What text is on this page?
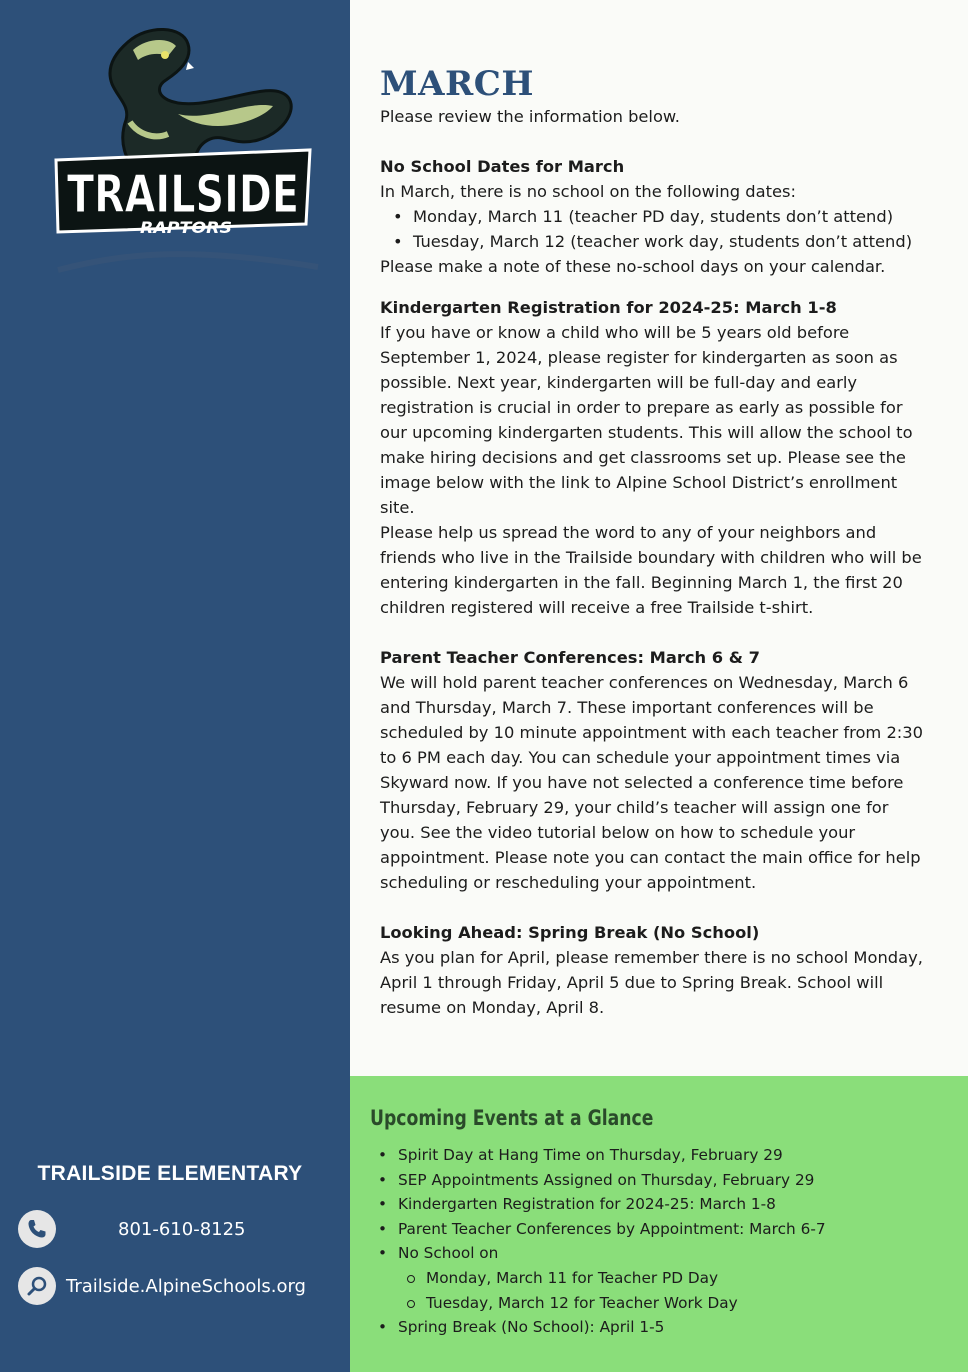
TRAILSIDE
RAPTORS
TRAILSIDE ELEMENTARY
801-610-8125
Trailside.AlpineSchools.org
MARCH

Please review the information below.

No School Dates for March

In March, there is no school on the following dates:

• Monday, March 11 (teacher PD day, students don’t attend)
• Tuesday, March 12 (teacher work day, students don’t attend)

Please make a note of these no-school days on your calendar.

Kindergarten Registration for 2024-25: March 1-8

If you have or know a child who will be 5 years old before September 1, 2024, please register for kindergarten as soon as possible. Next year, kindergarten will be full-day and early registration is crucial in order to prepare as early as possible for our upcoming kindergarten students. This will allow the school to make hiring decisions and get classrooms set up. Please see the image below with the link to Alpine School District’s enrollment site.

Please help us spread the word to any of your neighbors and friends who live in the Trailside boundary with children who will be entering kindergarten in the fall. Beginning March 1, the first 20 children registered will receive a free Trailside t-shirt.

Parent Teacher Conferences: March 6 & 7

We will hold parent teacher conferences on Wednesday, March 6 and Thursday, March 7. These important conferences will be scheduled by 10 minute appointment with each teacher from 2:30 to 6 PM each day. You can schedule your appointment times via Skyward now. If you have not selected a conference time before Thursday, February 29, your child’s teacher will assign one for you. See the video tutorial below on how to schedule your appointment. Please note you can contact the main office for help scheduling or rescheduling your appointment.

Looking Ahead: Spring Break (No School)

As you plan for April, please remember there is no school Monday, April 1 through Friday, April 5 due to Spring Break. School will resume on Monday, April 8.

Upcoming Events at a Glance
• Spirit Day at Hang Time on Thursday, February 29
• SEP Appointments Assigned on Thursday, February 29
• Kindergarten Registration for 2024-25: March 1-8
• Parent Teacher Conferences by Appointment: March 6-7
• No School on
Monday, March 11 for Teacher PD Day
Tuesday, March 12 for Teacher Work Day
• Spring Break (No School): April 1-5
